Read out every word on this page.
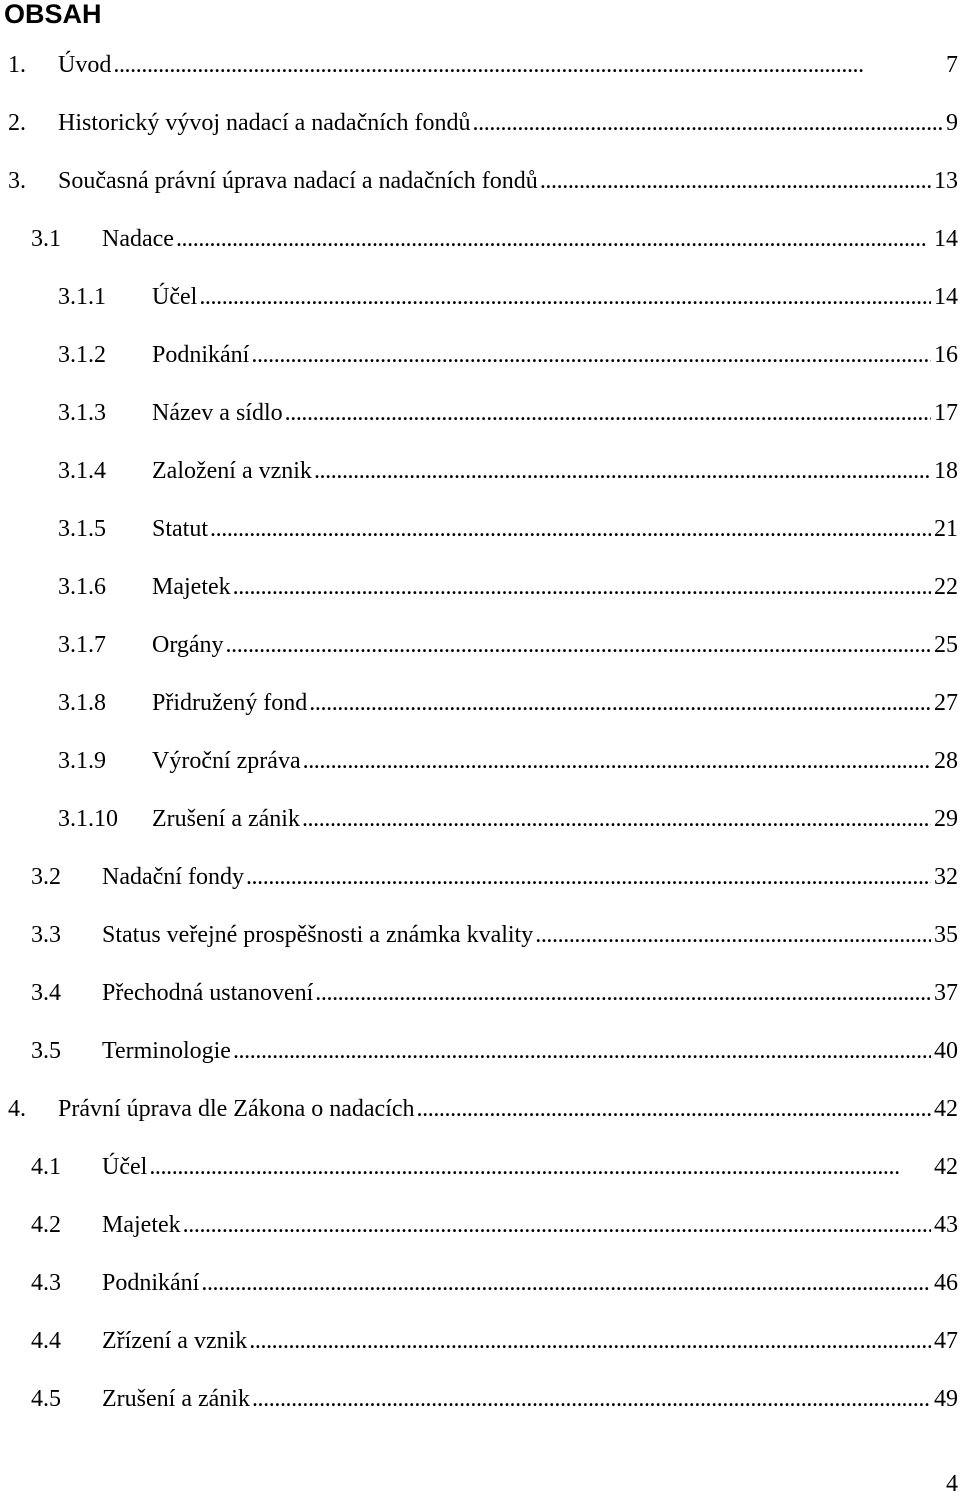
OBSAH
1.	Úvod . . .	7
2.	Historický vývoj nadací a nadačních fondů . . .	9
3.	Současná právní úprava nadací a nadačních fondů . . .	13
3.1	Nadace . . .	14
3.1.1	Účel . . .	14
3.1.2	Podnikání . . .	16
3.1.3	Název a sídlo . . .	17
3.1.4	Založení a vznik . . .	18
3.1.5	Statut . . .	21
3.1.6	Majetek . . .	22
3.1.7	Orgány . . .	25
3.1.8	Přidružený fond . . .	27
3.1.9	Výroční zpráva . . .	28
3.1.10	Zrušení a zánik . . .	29
3.2	Nadační fondy . . .	32
3.3	Status veřejné prospěšnosti a známka kvality . . .	35
3.4	Přechodná ustanovení . . .	37
3.5	Terminologie . . .	40
4.	Právní úprava dle Zákona o nadacích . . .	42
4.1	Účel . . .	42
4.2	Majetek . . .	43
4.3	Podnikání . . .	46
4.4	Zřízení a vznik . . .	47
4.5	Zrušení a zánik . . .	49
4
